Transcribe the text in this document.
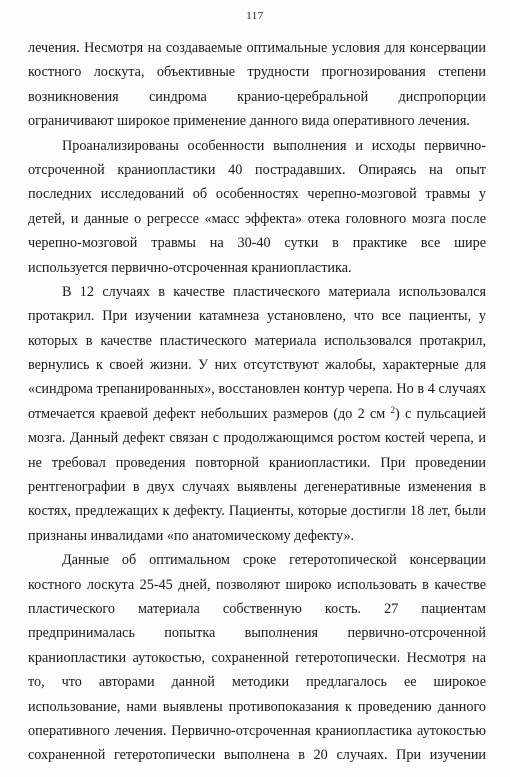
117
лечения. Несмотря на создаваемые оптимальные условия для консервации
костного лоскута, объективные трудности прогнозирования степени
возникновения синдрома кранио-церебральной диспропорции
ограничивают широкое применение данного вида оперативного лечения.
Проанализированы особенности выполнения и исходы первично-
отсроченной краниопластики 40 пострадавших. Опираясь на опыт
последних исследований об особенностях черепно-мозговой травмы у
детей, и данные о регрессе «масс эффекта» отека головного мозга после
черепно-мозговой травмы на 30-40 сутки в практике все шире
используется первично-отсроченная краниопластика.
В 12 случаях в качестве пластического материала использовался
протакрил. При изучении катамнеза установлено, что все пациенты, у
которых в качестве пластического материала использовался протакрил,
вернулись к своей жизни. У них отсутствуют жалобы, характерные для
«синдрома трепанированных», восстановлен контур черепа. Но в 4 случаях
отмечается краевой дефект небольших размеров (до 2 см $^2$) с пульсацией
мозга. Данный дефект связан с продолжающимся ростом костей черепа, и
не требовал проведения повторной краниопластики. При проведении
рентгенографии в двух случаях выявлены дегенеративные изменения в
костях, предлежащих к дефекту. Пациенты, которые достигли 18 лет, были
признаны инвалидами «по анатомическому дефекту».
Данные об оптимальном сроке гетеротопической консервации
костного лоскута 25-45 дней, позволяют широко использовать в качестве
пластического материала собственную кость. 27 пациентам
предпринималась попытка выполнения первично-отсроченной
краниопластики аутокостью, сохраненной гетеротопически. Несмотря на
то, что авторами данной методики предлагалось ее широкое
использование, нами выявлены противопоказания к проведению данного
оперативного лечения. Первично-отсроченная краниопластика аутокостью
сохраненной гетеротопически выполнена в 20 случаях. При изучении
